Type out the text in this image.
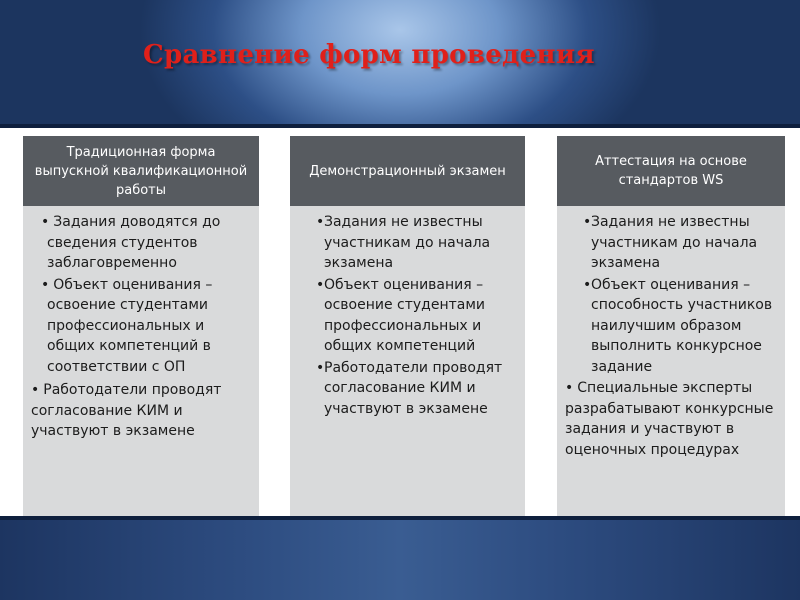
Сравнение форм проведения
Традиционная форма выпускной квалификационной работы
• Задания доводятся до сведения студентов заблаговременно
• Объект оценивания – освоение студентами профессиональных и общих компетенций в соответствии с ОП
• Работодатели проводят согласование КИМ и участвуют в экзамене
Демонстрационный экзамен
• Задания не известны участникам до начала экзамена
• Объект оценивания – освоение студентами профессиональных и общих компетенций
• Работодатели проводят согласование КИМ и участвуют в экзамене
Аттестация на основе стандартов WS
• Задания не известны участникам до начала экзамена
• Объект оценивания – способность участников наилучшим образом выполнить конкурсное задание
• Специальные эксперты разрабатывают конкурсные задания и участвуют в оценочных процедурах
